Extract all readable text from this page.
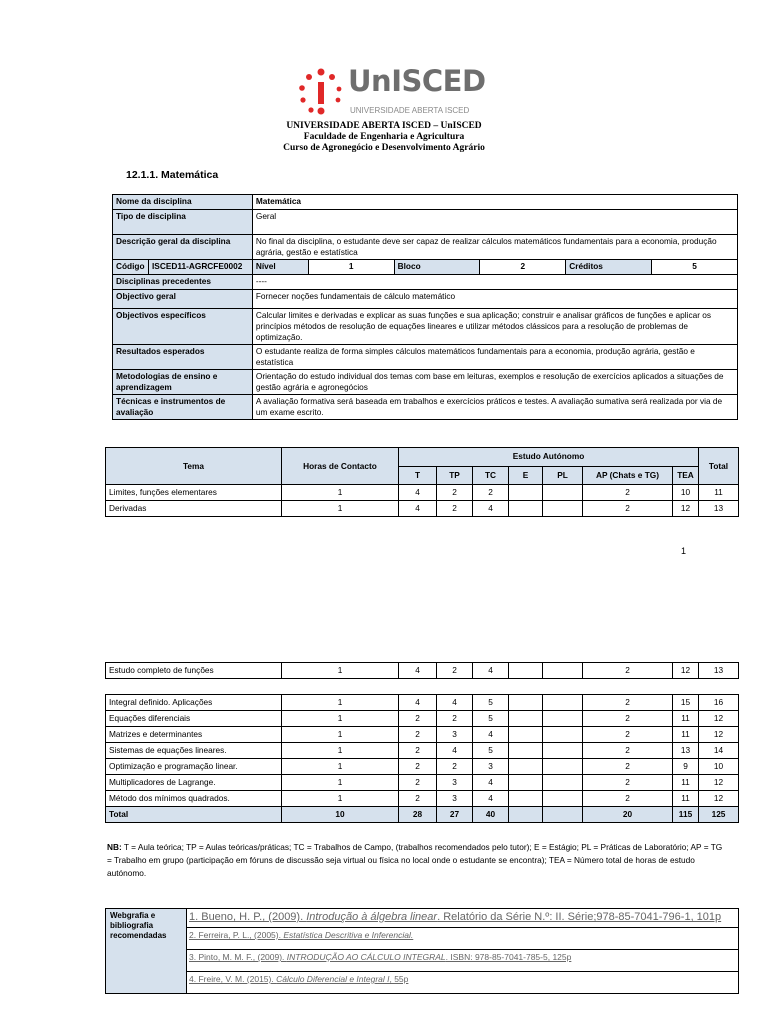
UnISCED
UNIVERSIDADE ABERTA ISCED
UNIVERSIDADE ABERTA ISCED – UnISCED
Faculdade de Engenharia e Agricultura
Curso de Agronegócio e Desenvolvimento Agrário
12.1.1. Matemática
Nome da disciplina		Matemática					
Tipo de disciplina		Geral					
Descrição geral da disciplina		No final da disciplina, o estudante deve ser capaz de realizar cálculos matemáticos fundamentais para a economia, produção agrária, gestão e estatística					
Código	ISCED11-AGRCFE0002	Nível	1	Bloco	2	Créditos	5
Disciplinas precedentes		----					
Objectivo geral		Fornecer noções fundamentais de cálculo matemático					
Objectivos específicos		Calcular limites e derivadas e explicar as suas funções e sua aplicação; construir e analisar gráficos de funções e aplicar os princípios métodos de resolução de equações lineares e utilizar métodos clássicos para a resolução de problemas de optimização.					
Resultados esperados		O estudante realiza de forma simples cálculos matemáticos fundamentais para a economia, produção agrária, gestão e estatística					
Metodologias de ensino e aprendizagem		Orientação do estudo individual dos temas com base em leituras, exemplos e resolução de exercícios aplicados a situações de gestão agrária e agronegócios					
Técnicas e instrumentos de avaliação		A avaliação formativa será baseada em trabalhos e exercícios práticos e testes. A avaliação sumativa será realizada por via de um exame escrito.					
Tema	Horas de Contacto	Estudo Autónomo							Total
		T	TP	TC	E	PL	AP (Chats e TG)	TEA	
Limites, funções elementares	1	4	2	2			2	10	11
Derivadas	1	4	2	4			2	12	13
1
Estudo completo de funções	1	4	2	4			2	12	13
Integral definido. Aplicações	1	4	4	5			2	15	16
Equações diferenciais	1	2	2	5			2	11	12
Matrizes e determinantes	1	2	3	4			2	11	12
Sistemas de equações lineares.	1	2	4	5			2	13	14
Optimização e programação linear.	1	2	2	3			2	9	10
Multiplicadores de Lagrange.	1	2	3	4			2	11	12
Método dos mínimos quadrados.	1	2	3	4			2	11	12
Total	10	28	27	40			20	115	125
NB: T = Aula teórica; TP = Aulas teóricas/práticas; TC = Trabalhos de Campo, (trabalhos recomendados pelo tutor); E = Estágio; PL = Práticas de Laboratório; AP = TG = Trabalho em grupo (participação em fóruns de discussão seja virtual ou física no local onde o estudante se encontra); TEA = Número total de horas de estudo autónomo.
Webgrafia e bibliografia recomendadas	1. Bueno, H. P., (2009). Introdução à álgebra linear. Relatório da Série N.º: II. Série;978-85-7041-796-1, 101p
2. Ferreira, P. L., (2005). Estatística Descritiva e Inferencial.
3. Pinto, M. M. F., (2009). INTRODUÇÃO AO CÁLCULO INTEGRAL. ISBN: 978-85-7041-785-5, 125p
4. Freire, V. M. (2015). Cálculo Diferencial e Integral I, 55p
